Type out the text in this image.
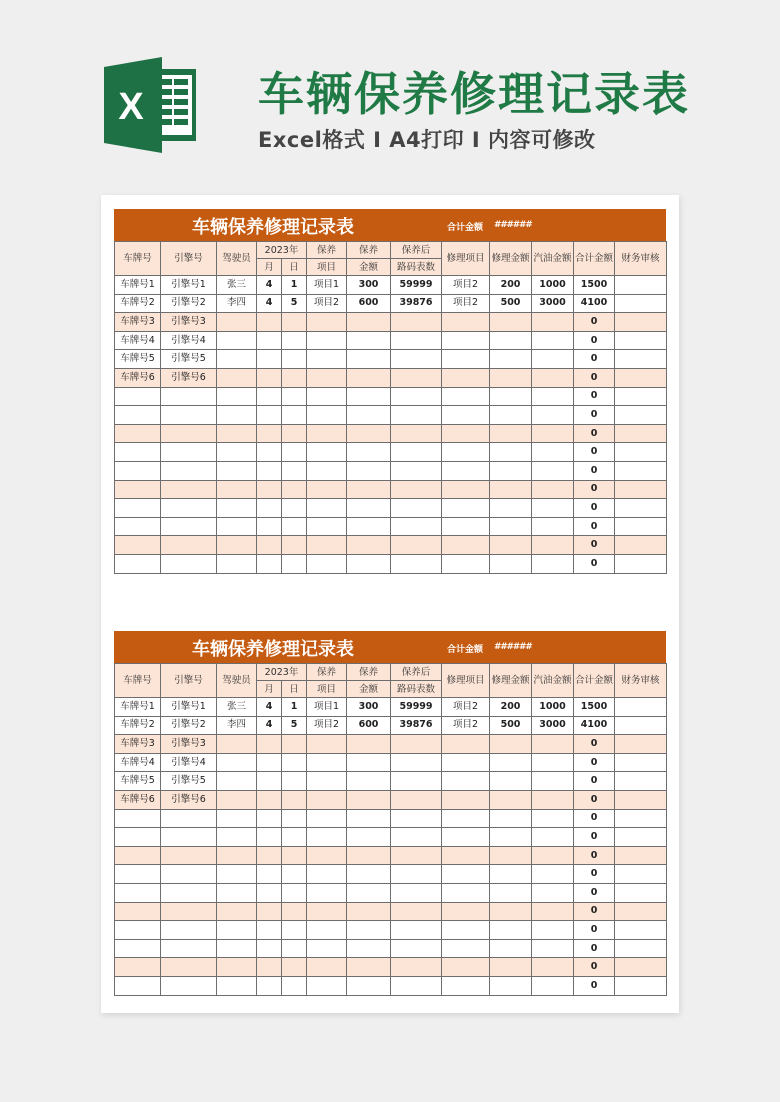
X 车辆保养修理记录表
Excel格式 I A4打印 I 内容可修改
车辆保养修理记录表	合计金额 ######
车牌号	引擎号	驾驶员	2023年		保养	保养	保养后	修理项目	修理金额	汽油金额	合计金额	财务审核
			月	日	项目	金额	路码表数					
车牌号1	引擎号1	张三	4	1	项目1	300	59999	项目2	200	1000	1500	
车牌号2	引擎号2	李四	4	5	项目2	600	39876	项目2	500	3000	4100	
车牌号3	引擎号3										0	
车牌号4	引擎号4										0	
车牌号5	引擎号5										0	
车牌号6	引擎号6										0	
											0	
											0	
											0	
											0	
											0	
											0	
											0	
											0	
											0	
											0	
车辆保养修理记录表	合计金额 ######
车牌号	引擎号	驾驶员	2023年		保养	保养	保养后	修理项目	修理金额	汽油金额	合计金额	财务审核
			月	日	项目	金额	路码表数					
车牌号1	引擎号1	张三	4	1	项目1	300	59999	项目2	200	1000	1500	
车牌号2	引擎号2	李四	4	5	项目2	600	39876	项目2	500	3000	4100	
车牌号3	引擎号3										0	
车牌号4	引擎号4										0	
车牌号5	引擎号5										0	
车牌号6	引擎号6										0	
											0	
											0	
											0	
											0	
											0	
											0	
											0	
											0	
											0	
											0	
